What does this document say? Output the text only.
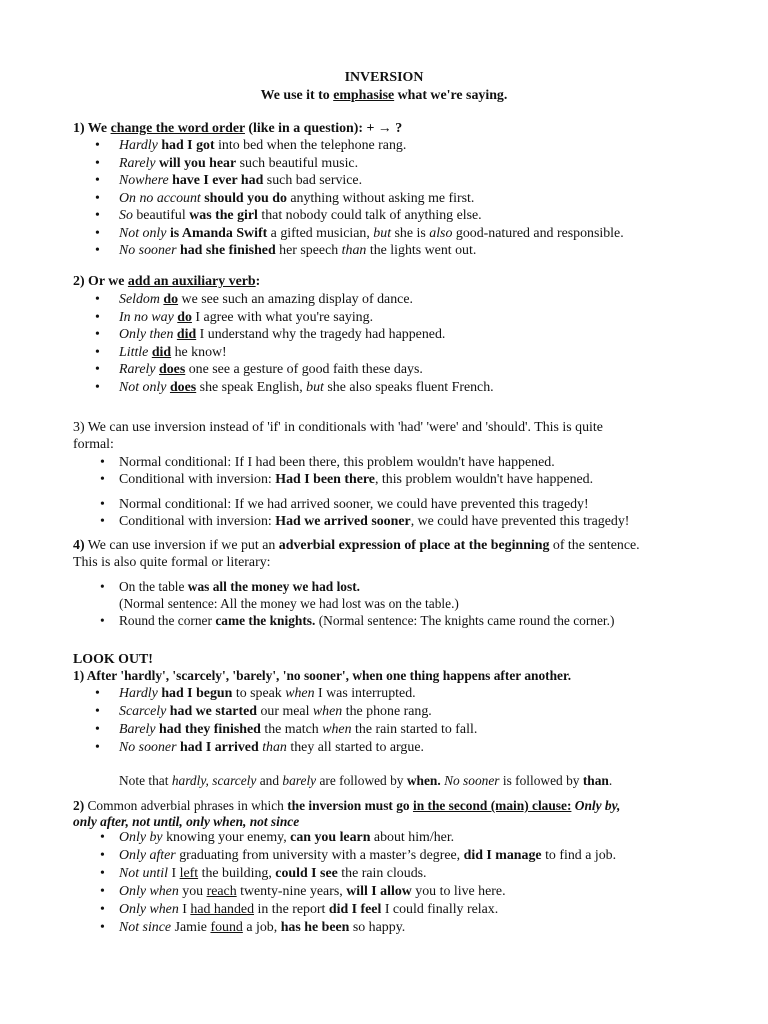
INVERSION
We use it to emphasise what we're saying.
1) We change the word order (like in a question): + → ?
• Hardly had I got into bed when the telephone rang.
• Rarely will you hear such beautiful music.
• Nowhere have I ever had such bad service.
• On no account should you do anything without asking me first.
• So beautiful was the girl that nobody could talk of anything else.
• Not only is Amanda Swift a gifted musician, but she is also good-natured and responsible.
• No sooner had she finished her speech than the lights went out.
2) Or we add an auxiliary verb:
• Seldom do we see such an amazing display of dance.
• In no way do I agree with what you're saying.
• Only then did I understand why the tragedy had happened.
• Little did he know!
• Rarely does one see a gesture of good faith these days.
• Not only does she speak English, but she also speaks fluent French.
3) We can use inversion instead of 'if' in conditionals with 'had' 'were' and 'should'. This is quite
formal:
• Normal conditional: If I had been there, this problem wouldn't have happened.
• Conditional with inversion: Had I been there, this problem wouldn't have happened.
• Normal conditional: If we had arrived sooner, we could have prevented this tragedy!
• Conditional with inversion: Had we arrived sooner, we could have prevented this tragedy!
4) We can use inversion if we put an adverbial expression of place at the beginning of the sentence.
This is also quite formal or literary:
• On the table was all the money we had lost.
(Normal sentence: All the money we had lost was on the table.)
• Round the corner came the knights. (Normal sentence: The knights came round the corner.)
LOOK OUT!
1) After 'hardly', 'scarcely', 'barely', 'no sooner', when one thing happens after another.
• Hardly had I begun to speak when I was interrupted.
• Scarcely had we started our meal when the phone rang.
• Barely had they finished the match when the rain started to fall.
• No sooner had I arrived than they all started to argue.
Note that hardly, scarcely and barely are followed by when. No sooner is followed by than.
2) Common adverbial phrases in which the inversion must go in the second (main) clause: Only by,
only after, not until, only when, not since
• Only by knowing your enemy, can you learn about him/her.
• Only after graduating from university with a master’s degree, did I manage to find a job.
• Not until I left the building, could I see the rain clouds.
• Only when you reach twenty-nine years, will I allow you to live here.
• Only when I had handed in the report did I feel I could finally relax.
• Not since Jamie found a job, has he been so happy.
